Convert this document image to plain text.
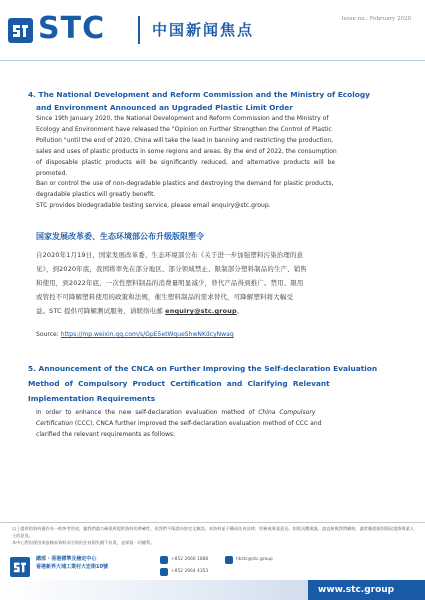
STC	中国新闻焦点
Issue no.: February 2020
4. The National Development and Reform Commission and the Ministry of Ecology
and Environment Announced an Upgraded Plastic Limit Order
Since 19th January 2020, the National Development and Reform Commission and the Ministry of
Ecology and Environment have released the "Opinion on Further Strengthen the Control of Plastic
Pollution "until the end of 2020, China will take the lead in banning and restricting the production,
sales and uses of plastic products in some regions and areas. By the end of 2022, the consumption
of  disposable  plastic  products  will  be  significantly  reduced,  and  alternative  products  will  be
promoted.
Ban or control the use of non-degradable plastics and destroying the demand for plastic products,
degradable plastics will greatly benefit.
STC provides biodegradable testing service, please email enquiry@stc.group.
国家发展改革委、生态环境部公布升级版限塑令
自2020年1月19日，国家发展改革委、生态环境部公布《关于进一步加强塑料污染治理的意
见》，到2020年底，我国将率先在部分地区、部分领域禁止、限制部分塑料制品的生产、销售
和使用，到2022年底，一次性塑料制品的消费量明显减少，替代产品得到推广。禁用、限用
或管控不可降解塑料使用的政策和法规，催生塑料制品的需求替代，可降解塑料将大幅受
益。STC 提供可降解测试服务，请联络电邮 enquiry@stc.group。
Source: https://mp.weixin.qq.com/s/GpE5etWqueShwNKdcyNwag
5. Announcement of the CNCA on Further Improving the Self-declaration Evaluation
Method  of  Compulsory  Product  Certification  and  Clarifying  Relevant
Implementation Requirements
In  order  to  enhance  the  new  self-declaration  evaluation  method  of  China  Compulsory
Certification (CCC), CNCA further improved the self-declaration evaluation method of CCC and
clarified the relevant requirements as follows:
以上提供的資料僅作為一般參考用途，雖我們盡力確保所提供資料的準確性，但我們不保證內容完全無誤。本資料並不構成任何法律、財務或專業意見。如需具體建議，請直接與我們聯絡。讀者應就個別情況諮詢專業人士的意見。
本中心對因使用或依賴本資料而引致的任何損失概不負責，並保留一切權利。
總部 · 香港標準及檢定中心
香港新界大埔工業村大宏街10號
+852 2666 1888
+852 2664 4353
hkstc@stc.group
www.stc.group
